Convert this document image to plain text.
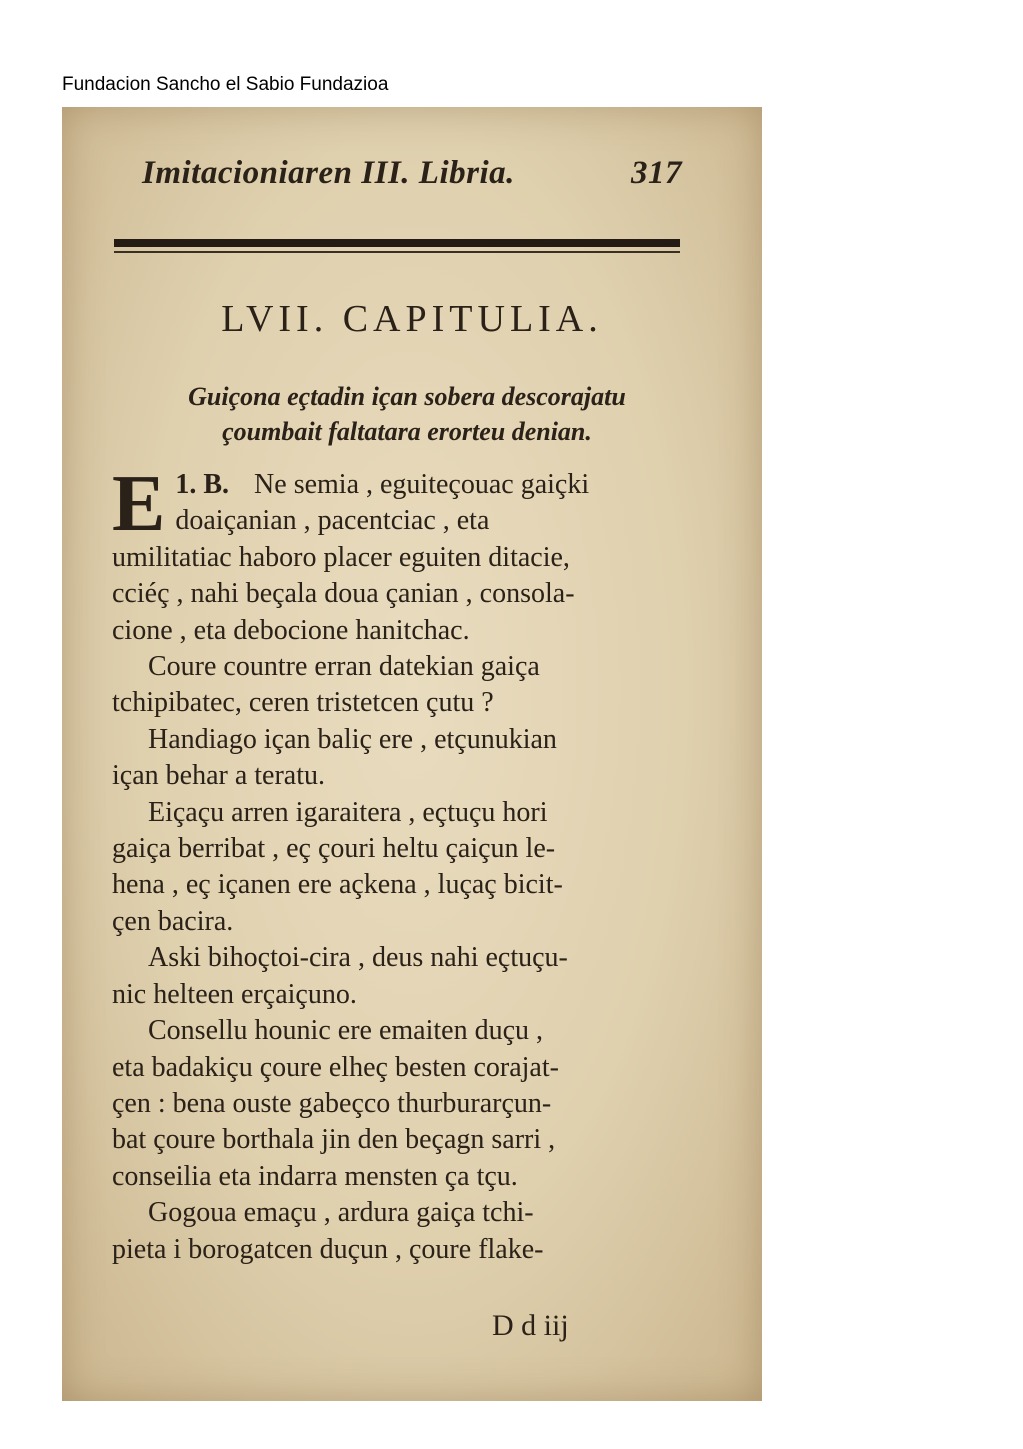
Fundacion Sancho el Sabio Fundazioa
Imitacioniaren III. Libria.	317
LVII. CAPITULIA.
Guiçona eçtadin içan sobera descorajatu
çoumbait faltatara erorteu denian.

1. B.
E	Ne semia , eguiteçouac gaiçki
doaiçanian , pacentciac , eta
umilitatiac haboro placer eguiten ditacie,
cciéç , nahi beçala doua çanian , consola-
cione , eta debocione hanitchac.

Coure countre erran datekian gaiça
tchipibatec, ceren tristetcen çutu ?

Handiago içan baliç ere , etçunukian
içan behar a teratu.

Eiçaçu arren igaraitera , eçtuçu hori
gaiça berribat , eç çouri heltu çaiçun le-
hena , eç içanen ere açkena , luçaç bicit-
çen bacira.

Aski bihoçtoi-cira , deus nahi eçtuçu-
nic helteen erçaiçuno.

Consellu hounic ere emaiten duçu ,
eta badakiçu çoure elheç besten corajat-
çen : bena ouste gabeçco thurburarçun-
bat çoure borthala jin den beçagn sarri ,
conseilia eta indarra mensten ça tçu.

Gogoua emaçu , ardura gaiça tchi-
pieta i borogatcen duçun , çoure flake-

D d iij
